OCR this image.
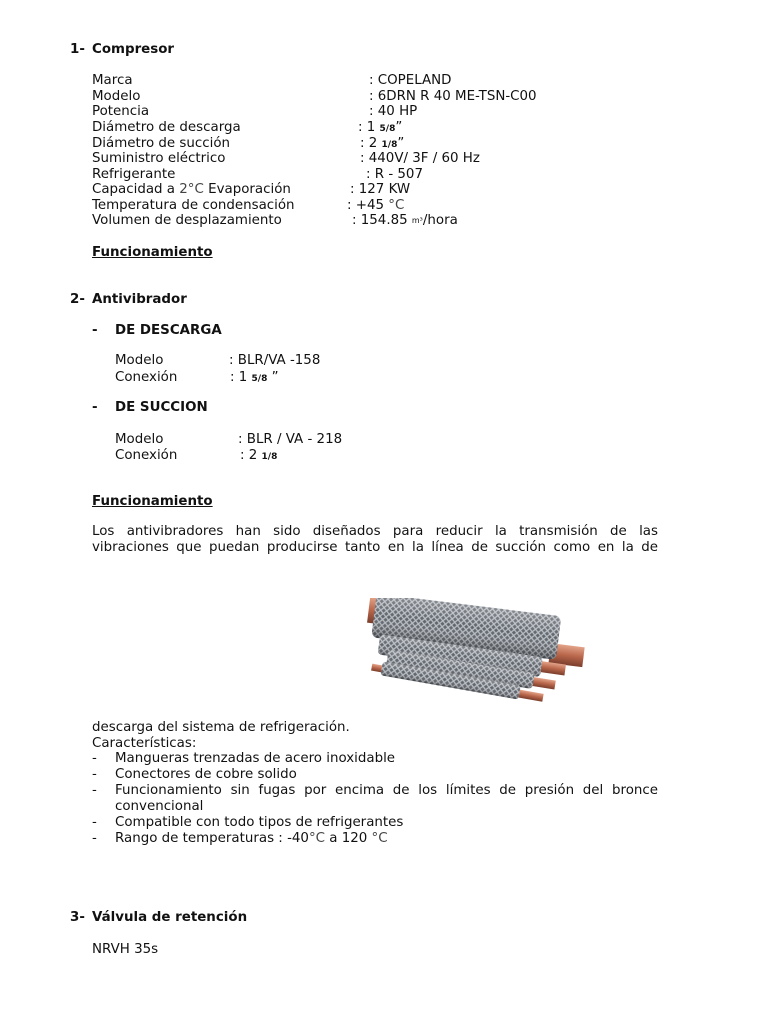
1- Compresor
Marca	: COPELAND
Modelo	: 6DRN R 40 ME-TSN-C00
Potencia	: 40 HP
Diámetro de descarga	: 1 5/8”
Diámetro de succión	: 2 1/8”
Suministro eléctrico	: 440V/ 3F / 60 Hz
Refrigerante	: R - 507
Capacidad a 2°C Evaporación	: 127 KW
Temperatura de condensación	: +45 °C
Volumen de desplazamiento	: 154.85 $^{m^3}$/hora
Funcionamiento
2- Antivibrador
- DE DESCARGA
Modelo	: BLR/VA -158
Conexión	: 1 5/8 ”
- DE SUCCION
Modelo	: BLR / VA - 218
Conexión	: 2 1/8
Funcionamiento
Los antivibradores han sido diseñados para reducir la transmisión de las
vibraciones que puedan producirse tanto en la línea de succión como en la de
descarga del sistema de refrigeración.
Características:
- Mangueras trenzadas de acero inoxidable
- Conectores de cobre solido
- Funcionamiento sin fugas por encima de los límites de presión del bronce convencional
- Compatible con todo tipos de refrigerantes
- Rango de temperaturas : -40°C a 120 °C
3- Válvula de retención
NRVH 35s
